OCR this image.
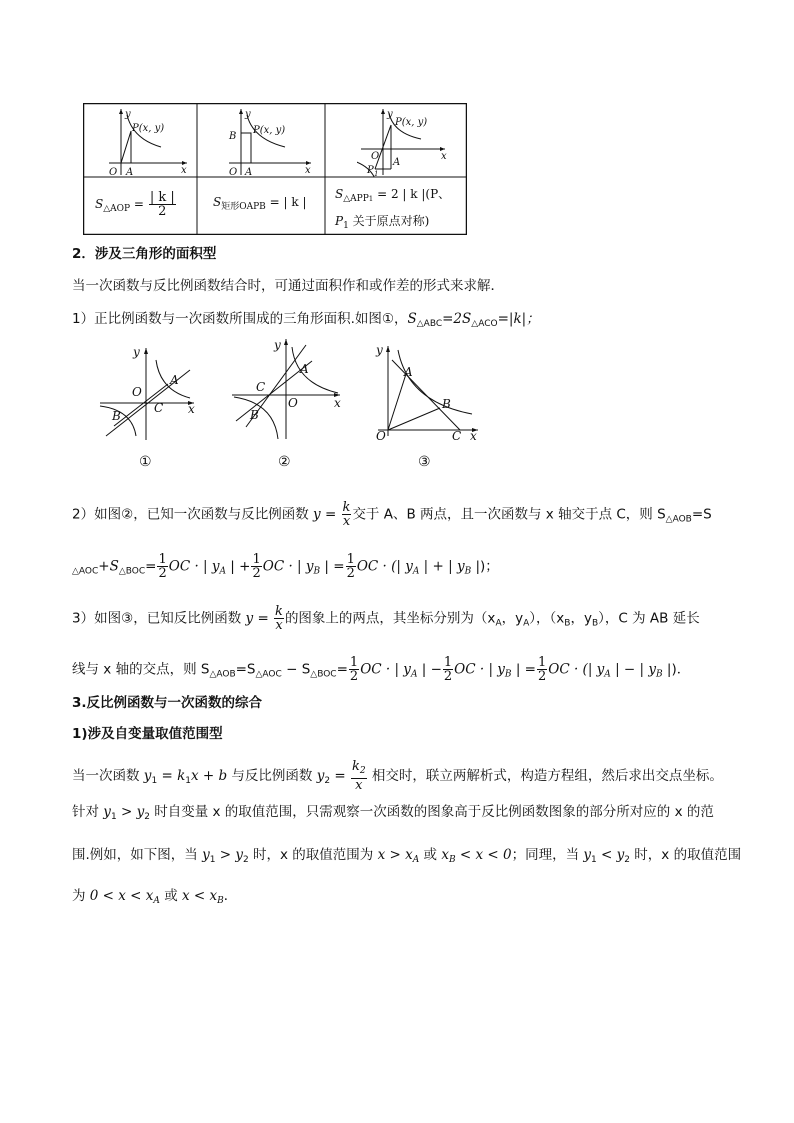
y
x
O A
P(x, y)
y
x
O A
B
P(x, y)
y
x
O
A
P(x, y)
P 1
$S_{\triangle AOP} = \frac{| k |}{2}$	$S_{矩形OAPB}$ = | k |
$S_{\triangle APP1} = 2$ | k |(P、
$P_1$ 关于原点对称)
2．涉及三角形的面积型
当一次函数与反比例函数结合时，可通过面积作和或作差的形式来求解．
1）正比例函数与一次函数所围成的三角形面积.如图①，$S_{\triangle ABC}=2S_{\triangle ACO}=|k|$；
y
x
O
A
B
C
①
y
x
O
A
B
C
②
y
x
O
A
B
C
③
2）如图②，已知一次函数与反比例函数 $y = \frac{k}{x}$ 交于 A、B 两点，且一次函数与 x 轴交于点 C，则 $S_{\triangle AOB}=S$
$_{\triangle AOC}+S_{\triangle BOC}= \frac{1}{2}$ OC · | $y_A$ | + $\frac{1}{2}$ OC · | $y_B$ | = $\frac{1}{2}$ OC · (| $y_A$ | + | $y_B$ |)；
3）如图③，已知反比例函数 $y = \frac{k}{x}$ 的图象上的两点，其坐标分别为（$x_A$，$y_A$），（$x_B$，$y_B$），C 为 AB 延长
线与 x 轴的交点，则 $S_{\triangle AOB}=S_{\triangle AOC} - S_{\triangle BOC}= \frac{1}{2}$ OC · | $y_A$ | − $\frac{1}{2}$ OC · | $y_B$ | = $\frac{1}{2}$ OC · (| $y_A$ | − | $y_B$ |)．
3.反比例函数与一次函数的综合
1)涉及自变量取值范围型
当一次函数 $y_1 = k_1x + b$ 与反比例函数 $y_2 = \frac{k_2}{x}$ 相交时，联立两解析式，构造方程组，然后求出交点坐标。
针对 $y_1 > y_2$ 时自变量 x 的取值范围，只需观察一次函数的图象高于反比例函数图象的部分所对应的 x 的范
围.例如，如下图，当 $y_1 > y_2$ 时，x 的取值范围为 $x > x_A$ 或 $x_B < x < 0$；同理，当 $y_1 < y_2$ 时，x 的取值范围
为 $0 < x < x_A$ 或 $x < x_B$．
